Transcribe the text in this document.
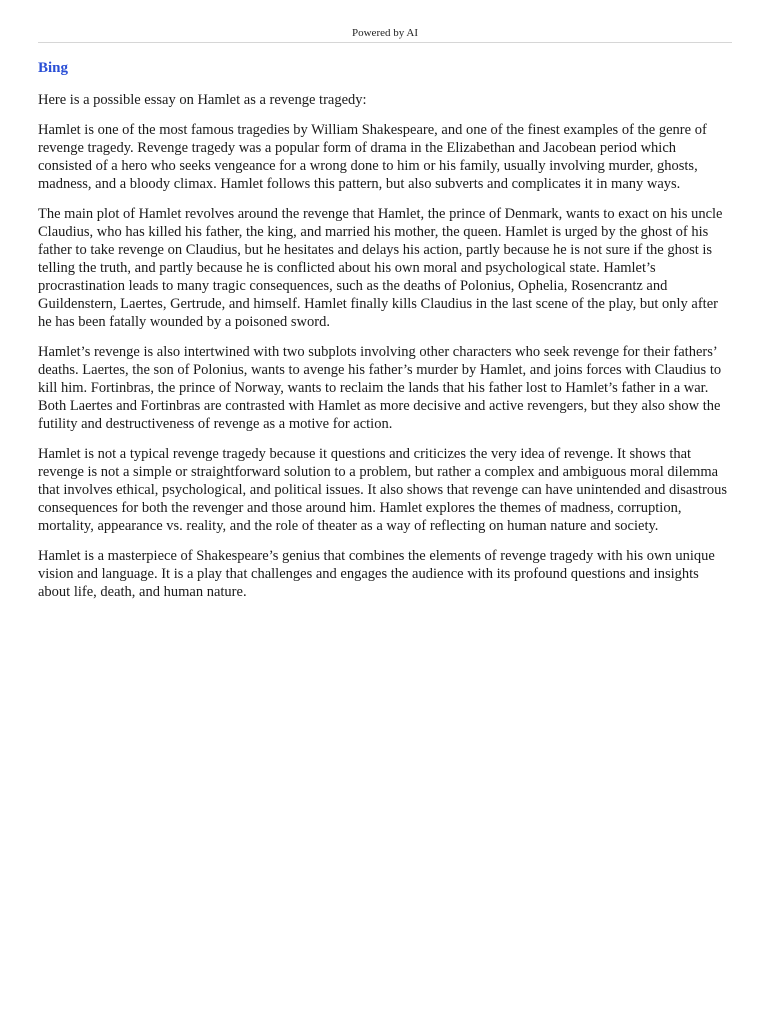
Powered by AI
Bing

Here is a possible essay on Hamlet as a revenge tragedy:

Hamlet is one of the most famous tragedies by William Shakespeare, and one of the finest examples of the genre of revenge tragedy. Revenge tragedy was a popular form of drama in the Elizabethan and Jacobean period which consisted of a hero who seeks vengeance for a wrong done to him or his family, usually involving murder, ghosts, madness, and a bloody climax. Hamlet follows this pattern, but also subverts and complicates it in many ways.

The main plot of Hamlet revolves around the revenge that Hamlet, the prince of Denmark, wants to exact on his uncle Claudius, who has killed his father, the king, and married his mother, the queen. Hamlet is urged by the ghost of his father to take revenge on Claudius, but he hesitates and delays his action, partly because he is not sure if the ghost is telling the truth, and partly because he is conflicted about his own moral and psychological state. Hamlet’s procrastination leads to many tragic consequences, such as the deaths of Polonius, Ophelia, Rosencrantz and Guildenstern, Laertes, Gertrude, and himself. Hamlet finally kills Claudius in the last scene of the play, but only after he has been fatally wounded by a poisoned sword.

Hamlet’s revenge is also intertwined with two subplots involving other characters who seek revenge for their fathers’ deaths. Laertes, the son of Polonius, wants to avenge his father’s murder by Hamlet, and joins forces with Claudius to kill him. Fortinbras, the prince of Norway, wants to reclaim the lands that his father lost to Hamlet’s father in a war. Both Laertes and Fortinbras are contrasted with Hamlet as more decisive and active revengers, but they also show the futility and destructiveness of revenge as a motive for action.

Hamlet is not a typical revenge tragedy because it questions and criticizes the very idea of revenge. It shows that revenge is not a simple or straightforward solution to a problem, but rather a complex and ambiguous moral dilemma that involves ethical, psychological, and political issues. It also shows that revenge can have unintended and disastrous consequences for both the revenger and those around him. Hamlet explores the themes of madness, corruption, mortality, appearance vs. reality, and the role of theater as a way of reflecting on human nature and society.

Hamlet is a masterpiece of Shakespeare’s genius that combines the elements of revenge tragedy with his own unique vision and language. It is a play that challenges and engages the audience with its profound questions and insights about life, death, and human nature.
